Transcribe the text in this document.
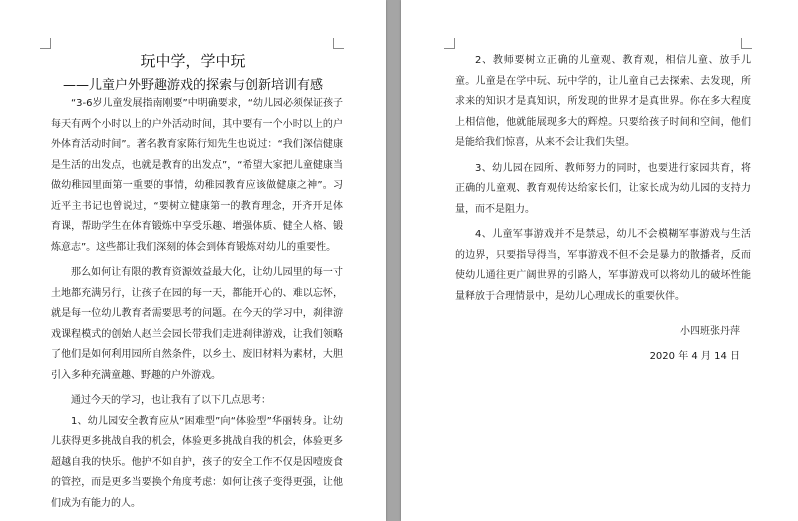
玩中学，学中玩
——儿童户外野趣游戏的探索与创新培训有感

“3-6岁儿童发展指南刚要”中明确要求，“幼儿园必须保证孩子每天有两个小时以上的户外活动时间，其中要有一个小时以上的户外体育活动时间”。著名教育家陈行知先生也说过：“我们深信健康是生活的出发点，也就是教育的出发点”，“希望大家把儿童健康当做幼稚园里面第一重要的事情，幼稚园教育应该做健康之神”。习近平主书记也曾说过，“要树立健康第一的教育理念，开齐开足体育课，帮助学生在体育锻炼中享受乐趣、增强体质、健全人格、锻炼意志”。这些都让我们深刻的体会到体育锻炼对幼儿的重要性。

那么如何让有限的教育资源效益最大化，让幼儿园里的每一寸土地都充满另行，让孩子在园的每一天，都能开心的、难以忘怀，就是每一位幼儿教育者需要思考的问题。在今天的学习中，刹律游戏课程模式的创始人赵兰会园长带我们走进刹律游戏，让我们领略了他们是如何利用园所自然条件，以乡土、废旧材料为素材，大胆引入多种充满童趣、野趣的户外游戏。

通过今天的学习，也让我有了以下几点思考：

1、幼儿园安全教育应从“困难型”向“体验型”华丽转身。让幼儿获得更多挑战自我的机会，体验更多挑战自我的机会，体验更多超越自我的快乐。他护不如自护，孩子的安全工作不仅是因噎废食的管控，而是更多当要换个角度考虑：如何让孩子变得更强，让他们成为有能力的人。

2、教师要树立正确的儿童观、教育观，相信儿童、放手儿童。儿童是在学中玩、玩中学的，让儿童自己去探索、去发现，所求来的知识才是真知识，所发现的世界才是真世界。你在多大程度上相信他，他就能展现多大的辉煌。只要给孩子时间和空间，他们是能给我们惊喜，从来不会让我们失望。

3、幼儿园在园所、教师努力的同时，也要进行家园共育，将正确的儿童观、教育观传达给家长们，让家长成为幼儿园的支持力量，而不是阻力。

4、儿童军事游戏并不是禁忌，幼儿不会模糊军事游戏与生活的边界，只要指导得当，军事游戏不但不会是暴力的散播者，反而使幼儿通往更广阔世界的引路人，军事游戏可以将幼儿的破坏性能量释放于合理情景中，是幼儿心理成长的重要伙伴。

小四班张丹萍
2020 年 4 月 14 日
